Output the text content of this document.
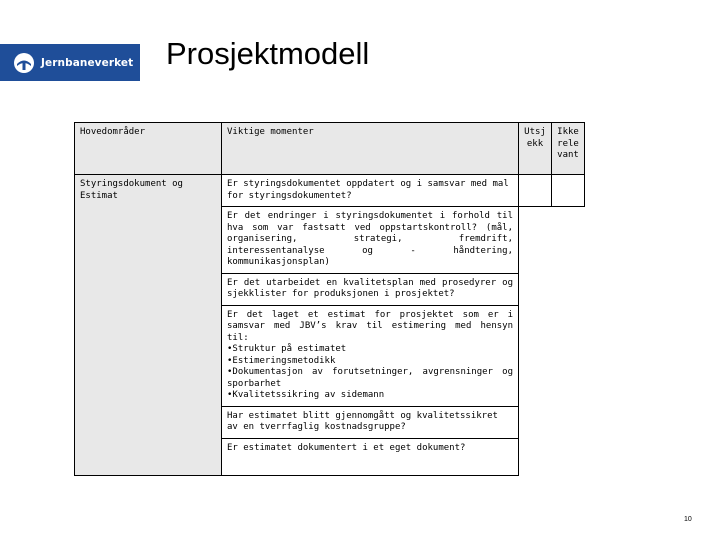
Jernbaneverket Prosjektmodell
Hovedområder	Viktige momenter	Utsj ekk	Ikke rele vant
Styringsdokument og Estimat	Er styringsdokumentet oppdatert og i samsvar med mal for styringsdokumentet?		
	Er det endringer i styringsdokumentet i forhold til hva som var fastsatt ved oppstartskontroll? (mål, organisering, strategi, fremdrift, interessentanalyse og - håndtering, kommunikasjonsplan)		
	Er det utarbeidet en kvalitetsplan med prosedyrer og sjekklister for produksjonen i prosjektet?		

	Er det laget et estimat for prosjektet som er i samsvar med JBV’s krav til estimering med hensyn til:
•Struktur på estimatet
•Estimeringsmetodikk
•Dokumentasjon av forutsetninger, avgrensninger og sporbarhet
•Kvalitetssikring av sidemann		

	Har estimatet blitt gjennomgått og kvalitetssikret av en tverrfaglig kostnadsgruppe?		
	Er estimatet dokumentert i et eget dokument?		
10
